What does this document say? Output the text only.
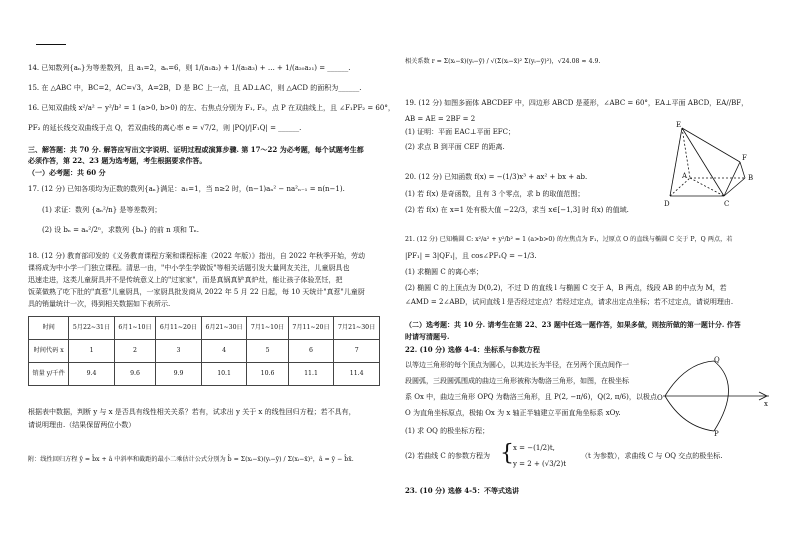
14. 已知数列{aₙ}为等差数列，且 a₁=2，aₙ=6，则 1/(a₁a₂) + 1/(a₂a₃) + … + 1/(a₂₀a₂₁) = ______.
15. 在 △ABC 中，BC=2，AC=√3，A=2B，D 是 BC 上一点，且 AD⊥AC，则 △ACD 的面积为______.
16. 已知双曲线 x²/a² − y²/b² = 1 (a>0, b>0) 的左、右焦点分别为 F₁, F₂，点 P 在双曲线上，且 ∠F₁PF₂ = 60°，
PF₂ 的延长线交双曲线于点 Q，若双曲线的离心率 e = √7/2，则 |PQ|/|F₁Q| = ______.
三、解答题：共 70 分. 解答应写出文字说明、证明过程或演算步骤. 第 17～22 为必考题，每个试题考生都
必须作答，第 22、23 题为选考题，考生根据要求作答。
（一）必考题：共 60 分
17. (12 分) 已知各项均为正数的数列{aₙ}满足：a₁=1，当 n≥2 时，(n−1)aₙ² − na²ₙ₋₁ = n(n−1).
(1) 求证：数列 {aₙ²/n} 是等差数列；
(2) 设 bₙ = aₙ²/2ⁿ，求数列 {bₙ} 的前 n 项和 Tₙ.
18. (12 分) 教育部印发的《义务教育课程方案和课程标准（2022 年版）》指出，自 2022 年秋季开始，劳动
课将成为中小学一门独立课程。清思一由，"中小学生学做饭"等相关话题引发大量网友关注，儿童厨具也
迅速走进，这类儿童厨具并不是传统意义上的"过家家"，而是真锅真铲真炉灶，能让孩子体验烹饪，把
饭菜做熟了吃下肚的"真惹"儿童厨具，一家厨具批发商从 2022 年 5 月 22 日起，每 10 天统计"真惹"儿童厨
具的销量统计一次，得到相关数据如下表所示.
时间	5月22~31日	6月1~10日	6月11~20日	6月21~30日	7月1~10日	7月11~20日	7月21~30日
时间代码 x	1	2	3	4	5	6	7
销量 y/千件	9.4	9.6	9.9	10.1	10.6	11.1	11.4
根据表中数据，判断 y 与 x 是否具有线性相关关系？若有，试求出 y 关于 x 的线性回归方程；若不具有，
请说明理由.（结果保留两位小数）
附：线性回归方程 ŷ = b̂x + â 中斜率和截距的最小二乘估计公式分别为 b̂ = Σ(xᵢ−x̄)(yᵢ−ȳ) / Σ(xᵢ−x̄)²，â = ȳ − b̂x̄.
相关系数 r = Σ(xᵢ−x̄)(yᵢ−ȳ) / √(Σ(xᵢ−x̄)² Σ(yᵢ−ȳ)²)，√24.08 ≈ 4.9.
19. (12 分) 如图多面体 ABCDEF 中，四边形 ABCD 是菱形，∠ABC = 60°，EA⊥平面 ABCD，EA//BF，
AB = AE = 2BF = 2
(1) 证明：平面 EAC⊥平面 EFC；
(2) 求点 B 到平面 CEF 的距离.
E
F
A	B
C
D
20. (12 分) 已知函数 f(x) = −(1/3)x³ + ax² + bx + ab.
(1) 若 f(x) 是奇函数，且有 3 个零点，求 b 的取值范围；
(2) 若 f(x) 在 x=1 处有极大值 −22/3，求当 x∈[−1,3] 时 f(x) 的值域.
21. (12 分) 已知椭圆 C: x²/a² + y²/b² = 1 (a>b>0) 的左焦点为 F₁，过原点 O 的直线与椭圆 C 交于 P，Q 两点，若
|PF₁| = 3|QF₁|，且 cos∠PF₁Q = −1/3.
(1) 求椭圆 C 的离心率；
(2) 椭圆 C 的上顶点为 D(0,2)，不过 D 的直线 l 与椭圆 C 交于 A，B 两点，线段 AB 的中点为 M，若
∠AMD = 2∠ABD，试问直线 l 是否经过定点？若经过定点，请求出定点坐标；若不过定点，请说明理由.
（二）选考题：共 10 分. 请考生在第 22、23 题中任选一题作答，如果多做，则按所做的第一题计分. 作答
时请写清题号.
22. (10 分) 选修 4-4：坐标系与参数方程
以等边三角形的每个顶点为圆心，以其边长为半径，在另两个顶点间作一
段圆弧，三段圆弧围成的曲边三角形被称为勒洛三角形，如图，在极坐标
系 Ox 中，曲边三角形 OPQ 为勒洛三角形，且 P(2, −π/6)，Q(2, π/6)，以极点
O 为直角坐标原点，极轴 Ox 为 x 轴正半轴建立平面直角坐标系 xOy.
(1) 求 OQ 的极坐标方程；
(2) 若曲线 C 的参数方程为 { x = −(1/2)t,
y = 2 + (√3/2)t
（t 为参数），求曲线 C 与 OQ 交点的极坐标.
23. (10 分) 选修 4-5：不等式选讲
Q
O
x
P
